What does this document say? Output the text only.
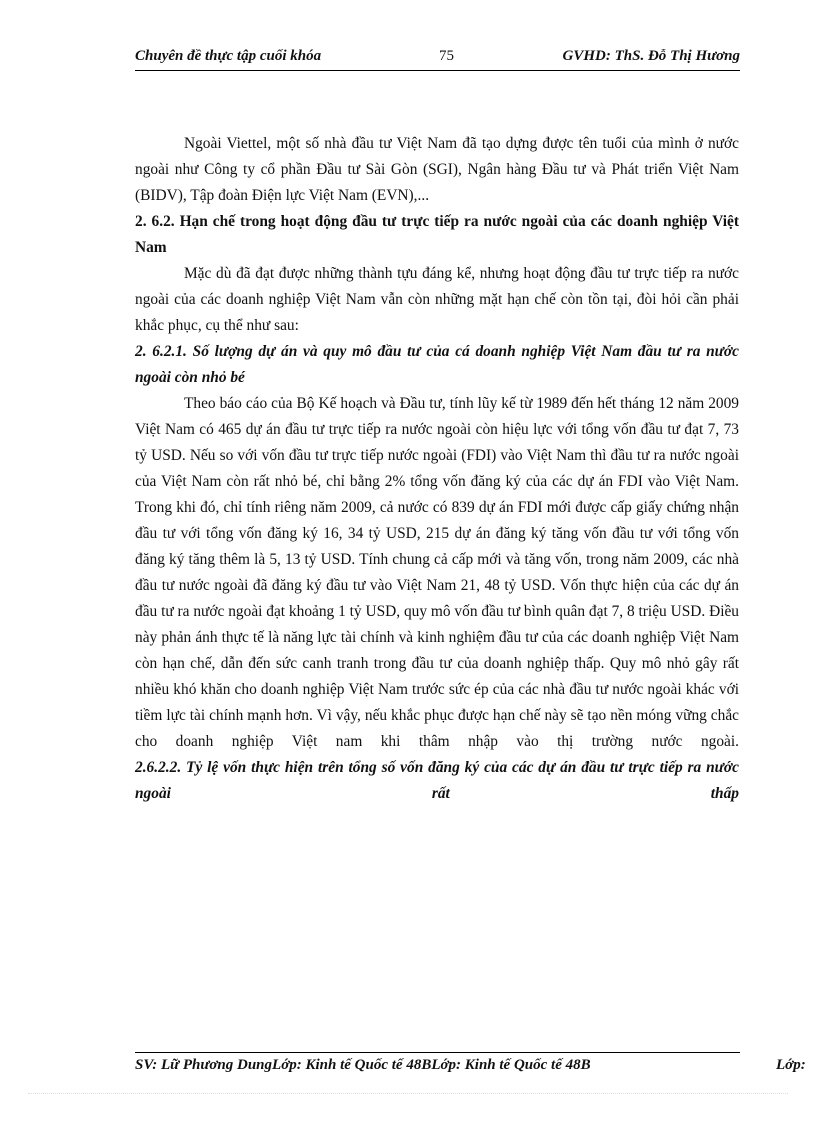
Chuyên đề thực tập cuối khóa	75	GVHD: ThS. Đỗ Thị Hương

Ngoài Viettel, một số nhà đầu tư Việt Nam đã tạo dựng được tên tuổi của mình ở nước ngoài như Công ty cổ phần Đầu tư Sài Gòn (SGI), Ngân hàng Đầu tư và Phát triển Việt Nam (BIDV), Tập đoàn Điện lực Việt Nam (EVN),...

2. 6.2. Hạn chế trong hoạt động đầu tư trực tiếp ra nước ngoài của các doanh nghiệp Việt Nam

Mặc dù đã đạt được những thành tựu đáng kể, nhưng hoạt động đầu tư trực tiếp ra nước ngoài của các doanh nghiệp Việt Nam vẫn còn những mặt hạn chế còn tồn tại, đòi hỏi cần phải khắc phục, cụ thể như sau:

2. 6.2.1. Số lượng dự án và quy mô đầu tư của cá doanh nghiệp Việt Nam đầu tư ra nước ngoài còn nhỏ bé

Theo báo cáo của Bộ Kế hoạch và Đầu tư, tính lũy kế từ 1989 đến hết tháng 12 năm 2009 Việt Nam có 465 dự án đầu tư trực tiếp ra nước ngoài còn hiệu lực với tổng vốn đầu tư đạt 7, 73 tỷ USD. Nếu so với vốn đầu tư trực tiếp nước ngoài (FDI) vào Việt Nam thì đầu tư ra nước ngoài của Việt Nam còn rất nhỏ bé, chỉ bằng 2% tổng vốn đăng ký của các dự án FDI vào Việt Nam. Trong khi đó, chỉ tính riêng năm 2009, cả nước có 839 dự án FDI mới được cấp giấy chứng nhận đầu tư với tổng vốn đăng ký 16, 34 tỷ USD, 215 dự án đăng ký tăng vốn đầu tư với tổng vốn đăng ký tăng thêm là 5, 13 tỷ USD. Tính chung cả cấp mới và tăng vốn, trong năm 2009, các nhà đầu tư nước ngoài đã đăng ký đầu tư vào Việt Nam 21, 48 tỷ USD. Vốn thực hiện của các dự án đầu tư ra nước ngoài đạt khoảng 1 tỷ USD, quy mô vốn đầu tư bình quân đạt 7, 8 triệu USD. Điều này phản ánh thực tế là năng lực tài chính và kinh nghiệm đầu tư của các doanh nghiệp Việt Nam còn hạn chế, dẫn đến sức canh tranh trong đầu tư của doanh nghiệp thấp. Quy mô nhỏ gây rất nhiều khó khăn cho doanh nghiệp Việt Nam trước sức ép của các nhà đầu tư nước ngoài khác với tiềm lực tài chính mạnh hơn. Vì vậy, nếu khắc phục được hạn chế này sẽ tạo nền móng vững chắc cho doanh nghiệp Việt nam khi thâm nhập vào thị trường nước ngoài.

2.6.2.2. Tỷ lệ vốn thực hiện trên tổng số vốn đăng ký của các dự án đầu tư trực tiếp ra nước ngoài rất thấp

SV: Lữ Phương DungLớp: Kinh tế Quốc tế 48BLớp: Kinh tế Quốc tế 48B	Lớp:
